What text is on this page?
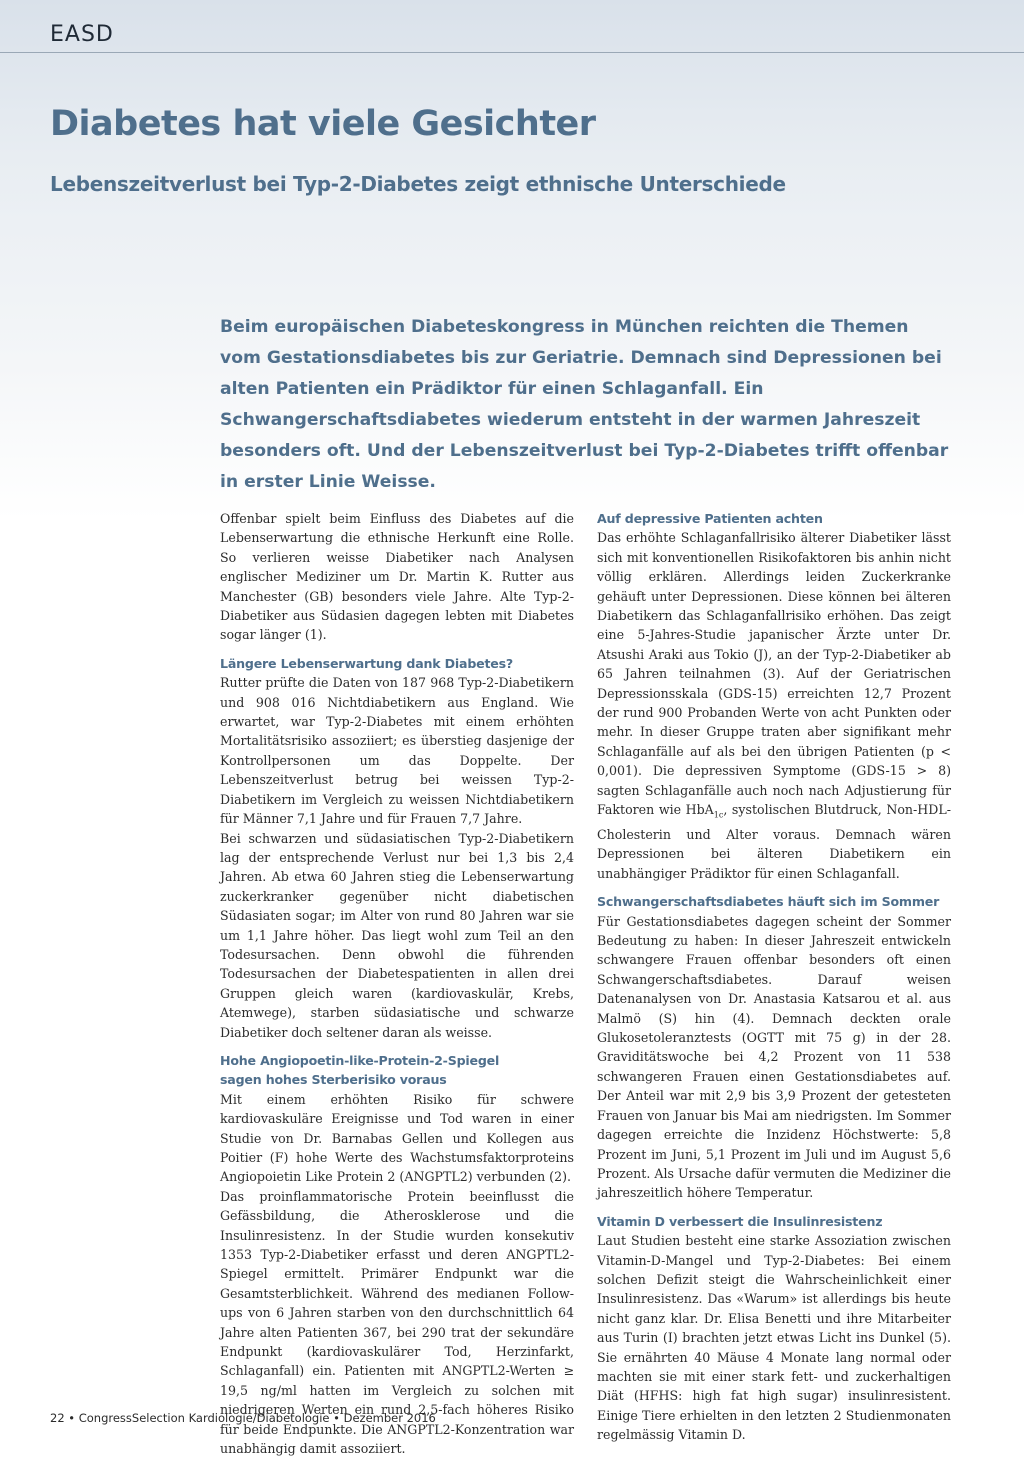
EASD
Diabetes hat viele Gesichter
Lebenszeitverlust bei Typ-2-Diabetes zeigt ethnische Unterschiede
Beim europäischen Diabeteskongress in München reichten die Themen vom Gestationsdiabetes bis zur Geriatrie. Demnach sind Depressionen bei alten Patienten ein Prädiktor für einen Schlaganfall. Ein Schwangerschaftsdiabetes wiederum entsteht in der warmen Jahreszeit besonders oft. Und der Lebenszeitverlust bei Typ-2-Diabetes trifft offenbar in erster Linie Weisse.

Offenbar spielt beim Einfluss des Diabetes auf die Lebenserwartung die ethnische Herkunft eine Rolle. So verlieren weisse Diabetiker nach Analysen englischer Mediziner um Dr. Martin K. Rutter aus Manchester (GB) besonders viele Jahre. Alte Typ-2-Diabetiker aus Südasien dagegen lebten mit Diabetes sogar länger (1).

Längere Lebenserwartung dank Diabetes?

Rutter prüfte die Daten von 187 968 Typ-2-Diabetikern und 908 016 Nichtdiabetikern aus England. Wie erwartet, war Typ-2-Diabetes mit einem erhöhten Mortalitätsrisiko assoziiert; es überstieg dasjenige der Kontrollpersonen um das Doppelte. Der Lebenszeitverlust betrug bei weissen Typ-2-Diabetikern im Vergleich zu weissen Nichtdiabetikern für Männer 7,1 Jahre und für Frauen 7,7 Jahre.

Bei schwarzen und südasiatischen Typ-2-Diabetikern lag der entsprechende Verlust nur bei 1,3 bis 2,4 Jahren. Ab etwa 60 Jahren stieg die Lebenserwartung zuckerkranker gegenüber nicht diabetischen Südasiaten sogar; im Alter von rund 80 Jahren war sie um 1,1 Jahre höher. Das liegt wohl zum Teil an den Todesursachen. Denn obwohl die führenden Todesursachen der Diabetespatienten in allen drei Gruppen gleich waren (kardiovaskulär, Krebs, Atemwege), starben südasiatische und schwarze Diabetiker doch seltener daran als weisse.

Hohe Angiopoetin-like-Protein-2-Spiegel
sagen hohes Sterberisiko voraus

Mit einem erhöhten Risiko für schwere kardiovaskuläre Ereignisse und Tod waren in einer Studie von Dr. Barnabas Gellen und Kollegen aus Poitier (F) hohe Werte des Wachstumsfaktorproteins Angiopoietin Like Protein 2 (ANGPTL2) verbunden (2).

Das proinflammatorische Protein beeinflusst die Gefässbildung, die Atherosklerose und die Insulinresistenz. In der Studie wurden konsekutiv 1353 Typ-2-Diabetiker erfasst und deren ANGPTL2-Spiegel ermittelt. Primärer Endpunkt war die Gesamtsterblichkeit. Während des medianen Follow-ups von 6 Jahren starben von den durchschnittlich 64 Jahre alten Patienten 367, bei 290 trat der sekundäre Endpunkt (kardiovaskulärer Tod, Herzinfarkt, Schlaganfall) ein. Patienten mit ANGPTL2-Werten ≥ 19,5 ng/ml hatten im Vergleich zu solchen mit niedrigeren Werten ein rund 2,5-fach höheres Risiko für beide Endpunkte. Die ANGPTL2-Konzentration war unabhängig damit assoziiert.

Auf depressive Patienten achten

Das erhöhte Schlaganfallrisiko älterer Diabetiker lässt sich mit konventionellen Risikofaktoren bis anhin nicht völlig erklären. Allerdings leiden Zuckerkranke gehäuft unter Depressionen. Diese können bei älteren Diabetikern das Schlaganfallrisiko erhöhen. Das zeigt eine 5-Jahres-Studie japanischer Ärzte unter Dr. Atsushi Araki aus Tokio (J), an der Typ-2-Diabetiker ab 65 Jahren teilnahmen (3). Auf der Geriatrischen Depressionsskala (GDS-15) erreichten 12,7 Prozent der rund 900 Probanden Werte von acht Punkten oder mehr. In dieser Gruppe traten aber signifikant mehr Schlaganfälle auf als bei den übrigen Patienten (p < 0,001). Die depressiven Symptome (GDS-15 > 8) sagten Schlaganfälle auch noch nach Adjustierung für Faktoren wie HbA$_{1c}$, systolischen Blutdruck, Non-HDL-Cholesterin und Alter voraus. Demnach wären Depressionen bei älteren Diabetikern ein unabhängiger Prädiktor für einen Schlaganfall.

Schwangerschaftsdiabetes häuft sich im Sommer

Für Gestationsdiabetes dagegen scheint der Sommer Bedeutung zu haben: In dieser Jahreszeit entwickeln schwangere Frauen offenbar besonders oft einen Schwangerschaftsdiabetes. Darauf weisen Datenanalysen von Dr. Anastasia Katsarou et al. aus Malmö (S) hin (4). Demnach deckten orale Glukosetoleranztests (OGTT mit 75 g) in der 28. Graviditätswoche bei 4,2 Prozent von 11 538 schwangeren Frauen einen Gestationsdiabetes auf. Der Anteil war mit 2,9 bis 3,9 Prozent der getesteten Frauen von Januar bis Mai am niedrigsten. Im Sommer dagegen erreichte die Inzidenz Höchstwerte: 5,8 Prozent im Juni, 5,1 Prozent im Juli und im August 5,6 Prozent. Als Ursache dafür vermuten die Mediziner die jahreszeitlich höhere Temperatur.

Vitamin D verbessert die Insulinresistenz

Laut Studien besteht eine starke Assoziation zwischen Vitamin-D-Mangel und Typ-2-Diabetes: Bei einem solchen Defizit steigt die Wahrscheinlichkeit einer Insulinresistenz. Das «Warum» ist allerdings bis heute nicht ganz klar. Dr. Elisa Benetti und ihre Mitarbeiter aus Turin (I) brachten jetzt etwas Licht ins Dunkel (5). Sie ernährten 40 Mäuse 4 Monate lang normal oder machten sie mit einer stark fett- und zuckerhaltigen Diät (HFHS: high fat high sugar) insulinresistent. Einige Tiere erhielten in den letzten 2 Studienmonaten regelmässig Vitamin D.

22 • CongressSelection Kardiologie/Diabetologie • Dezember 2016
